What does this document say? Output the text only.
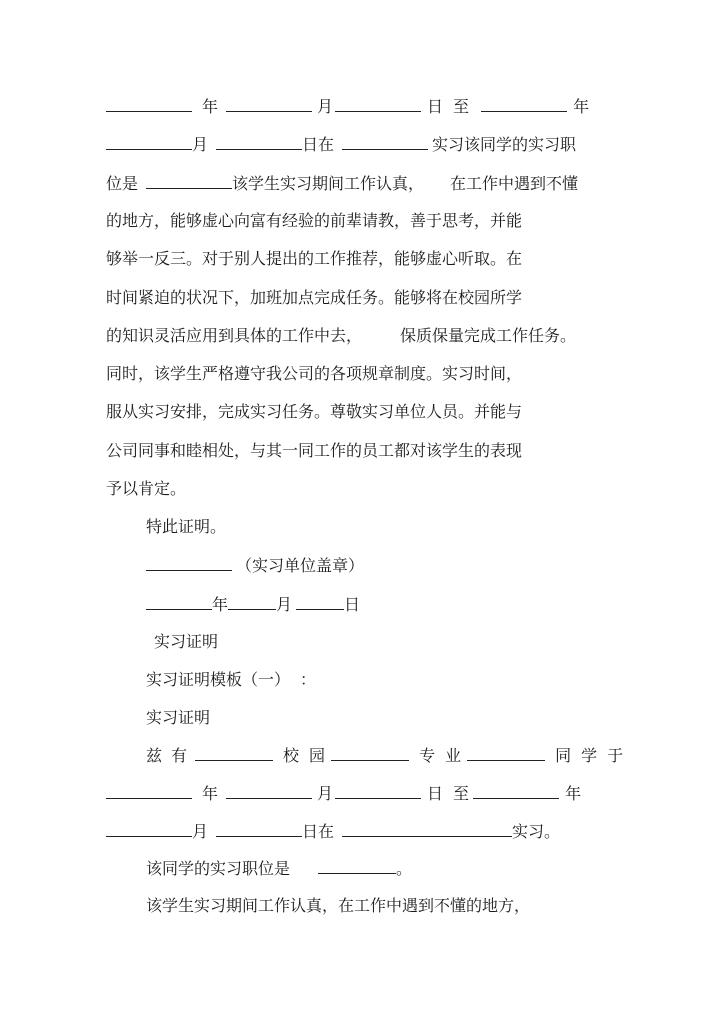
年	月	日 至	年
月	日在	实习该同学的实习职
位是	该学生实习期间工作认真， 在工作中遇到不懂
的地方，能够虚心向富有经验的前辈请教，善于思考，并能
够举一反三。对于别人提出的工作推荐，能够虚心听取。在
时间紧迫的状况下，加班加点完成任务。能够将在校园所学
的知识灵活应用到具体的工作中去， 保质保量完成工作任务。
同时，该学生严格遵守我公司的各项规章制度。实习时间，
服从实习安排，完成实习任务。尊敬实习单位人员。并能与
公司同事和睦相处，与其一同工作的员工都对该学生的表现
予以肯定。
特此证明。
（实习单位盖章）
年	月	日
实习证明
实习证明模板（一） ：
实习证明
兹 有	校 园	专 业	同 学 于
年	月	日 至	年
月	日在	实习。
该同学的实习职位是	。
该学生实习期间工作认真，在工作中遇到不懂的地方，
